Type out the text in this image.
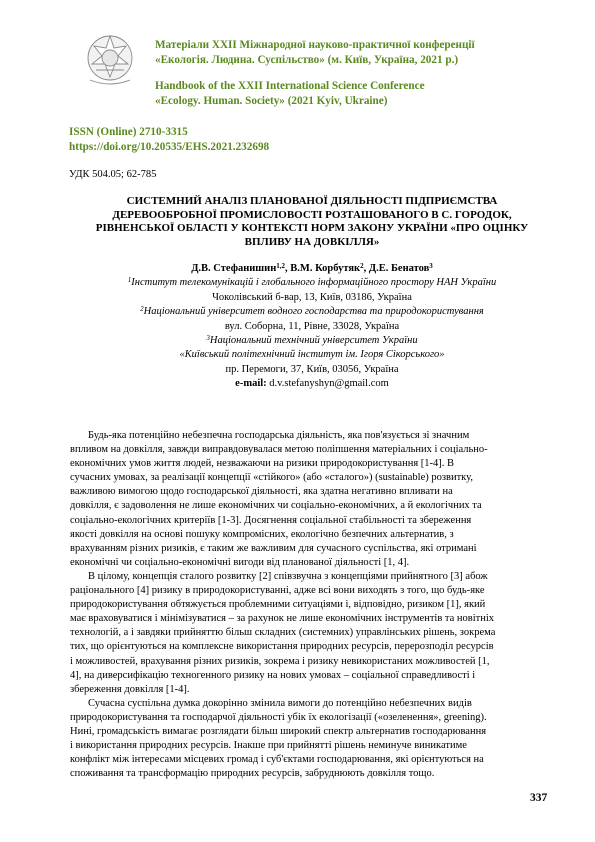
Матеріали XXII Міжнародної науково-практичної конференції
«Екологія. Людина. Суспільство» (м. Київ, Україна, 2021 р.)
Handbook of the XXII International Science Conference
«Ecology. Human. Society» (2021 Kyiv, Ukraine)
ISSN (Online) 2710-3315
https://doi.org/10.20535/EHS.2021.232698
УДК 504.05; 62-785
СИСТЕМНИЙ АНАЛІЗ ПЛАНОВАНОЇ ДІЯЛЬНОСТІ ПІДПРИЄМСТВА
ДЕРЕВООБРОБНОЇ ПРОМИСЛОВОСТІ РОЗТАШОВАНОГО В С. ГОРОДОК,
РІВНЕНСЬКОЇ ОБЛАСТІ У КОНТЕКСТІ НОРМ ЗАКОНУ УКРАЇНИ «ПРО ОЦІНКУ
ВПЛИВУ НА ДОВКІЛЛЯ»
Д.В. Стефанишин$^{1,2}$, В.М. Корбутяк$^2$, Д.Е. Бенатов$^3$
$^1$Інститут телекомунікацій і глобального інформаційного простору НАН України
Чоколівський б-вар, 13, Київ, 03186, Україна
$^2$Національний університет водного господарства та природокористування
вул. Соборна, 11, Рівне, 33028, Україна
$^3$Національний технічний університет України
«Київський політехнічний інститут ім. Ігоря Сікорського»
пр. Перемоги, 37, Київ, 03056, Україна
e-mail: d.v.stefanyshyn@gmail.com
Будь-яка потенційно небезпечна господарська діяльність, яка пов'язується зі значним
впливом на довкілля, завжди виправдовувалася метою поліпшення матеріальних і соціально-
економічних умов життя людей, незважаючи на ризики природокористування [1-4]. В
сучасних умовах, за реалізації концепції «стійкого» (або «сталого») (sustainable) розвитку,
важливою вимогою щодо господарської діяльності, яка здатна негативно впливати на
довкілля, є задоволення не лише економічних чи соціально-економічних, а й екологічних та
соціально-екологічних критеріїв [1-3]. Досягнення соціальної стабільності та збереження
якості довкілля на основі пошуку компромісних, екологічно безпечних альтернатив, з
врахуванням різних ризиків, є таким же важливим для сучасного суспільства, які отримані
економічні чи соціально-економічні вигоди від планованої діяльності [1, 4].
В цілому, концепція сталого розвитку [2] співзвучна з концепціями прийнятного [3] абож
раціонального [4] ризику в природокористуванні, адже всі вони виходять з того, що будь-яке
природокористування обтяжується проблемними ситуаціями і, відповідно, ризиком [1], який
має враховуватися і мінімізуватися – за рахунок не лише економічних інструментів та новітніх
технологій, а і завдяки прийняттю більш складних (системних) управлінських рішень, зокрема
тих, що орієнтуються на комплексне використання природних ресурсів, перерозподіл ресурсів
і можливостей, врахування різних ризиків, зокрема і ризику невикористаних можливостей [1,
4], на диверсифікацію техногенного ризику на нових умовах – соціальної справедливості і
збереження довкілля [1-4].
Сучасна суспільна думка докорінно змінила вимоги до потенційно небезпечних видів
природокористування та господарчої діяльності убік їх екологізації («озеленення», greening).
Нині, громадськість вимагає розглядати більш широкий спектр альтернатив господарювання
і використання природних ресурсів. Інакше при прийнятті рішень неминуче виникатиме
конфлікт між інтересами місцевих громад і суб'єктами господарювання, які орієнтуються на
споживання та трансформацію природних ресурсів, забруднюють довкілля тощо.
337
